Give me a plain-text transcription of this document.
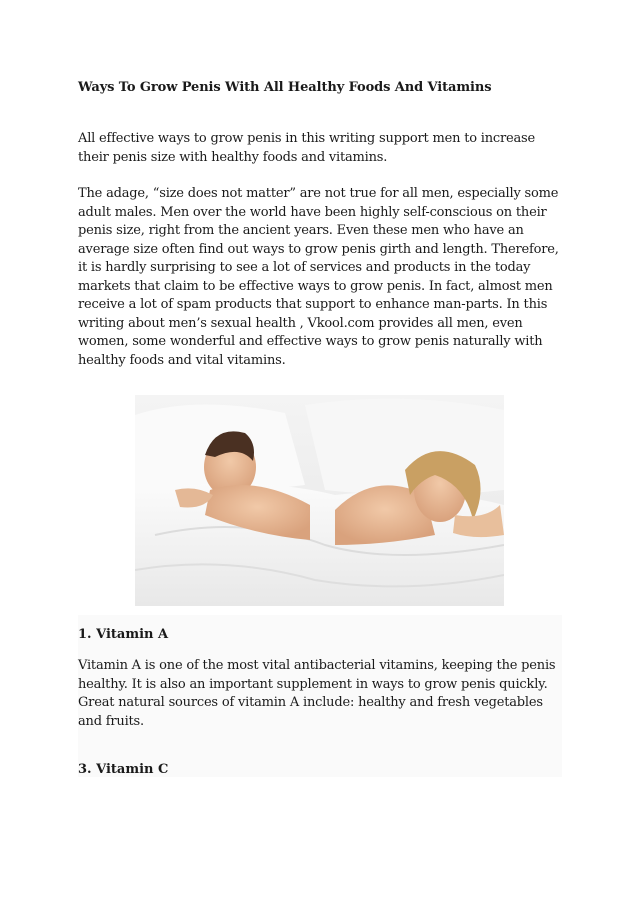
Ways To Grow Penis With All Healthy Foods And Vitamins
All effective ways to grow penis in this writing support men to increase their penis size with healthy foods and vitamins.
The adage, “size does not matter” are not true for all men, especially some adult males. Men over the world have been highly self-conscious on their penis size, right from the ancient years. Even these men who have an average size often find out ways to grow penis girth and length. Therefore, it is hardly surprising to see a lot of services and products in the today markets that claim to be effective ways to grow penis. In fact, almost men receive a lot of spam products that support to enhance man-parts. In this writing about men’s sexual health , Vkool.com provides all men, even women, some wonderful and effective ways to grow penis naturally with healthy foods and vital vitamins.
1. Vitamin A
Vitamin A is one of the most vital antibacterial vitamins, keeping the penis healthy. It is also an important supplement in ways to grow penis quickly. Great natural sources of vitamin A include: healthy and fresh vegetables and fruits.
3. Vitamin C
